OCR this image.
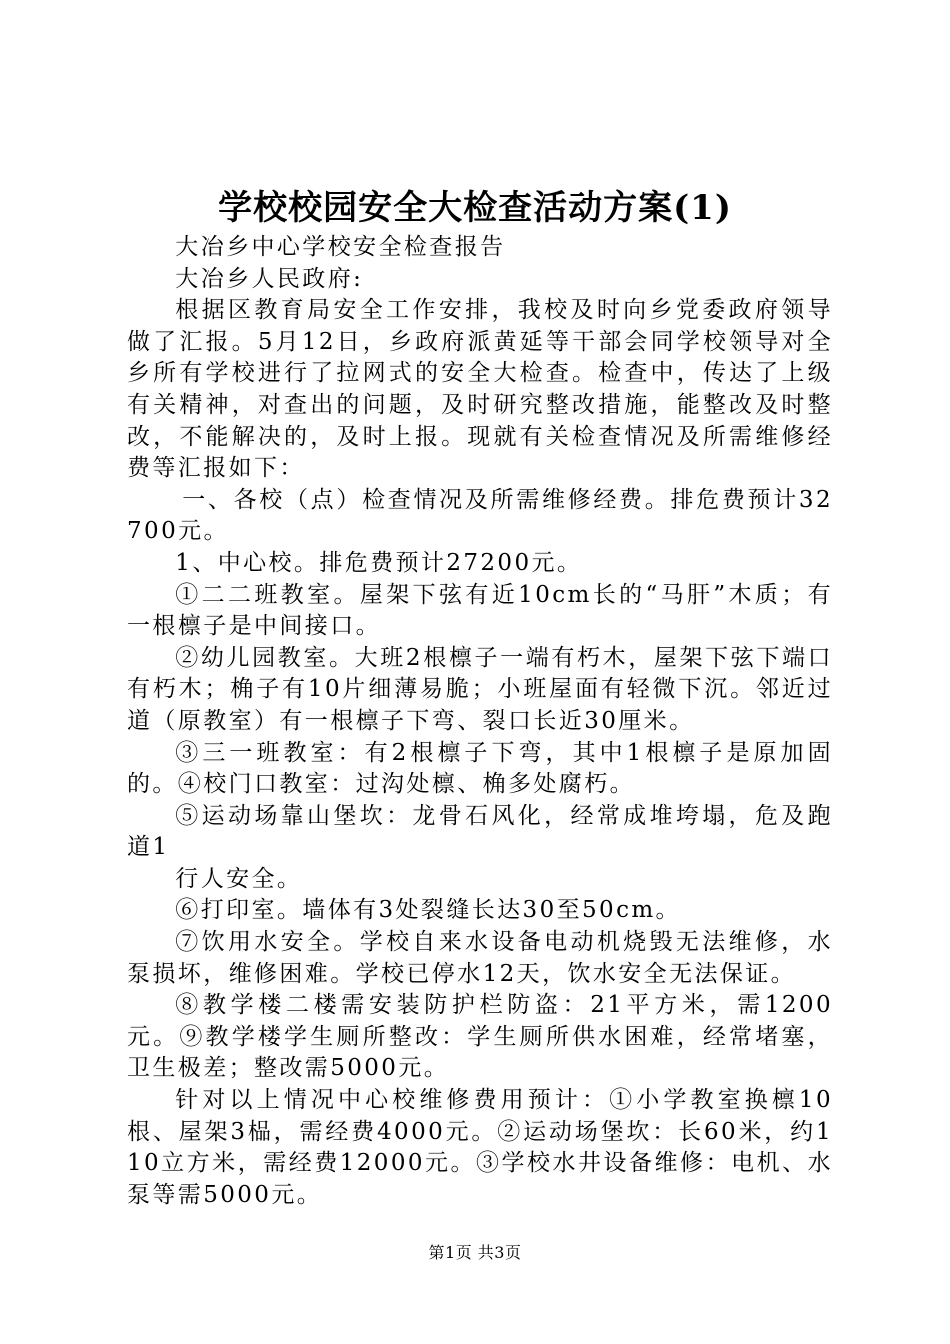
学校校园安全大检查活动方案(1)

大冶乡中心学校安全检查报告

大冶乡人民政府:

根据区教育局安全工作安排，我校及时向乡党委政府领导做了汇报。5月12日，乡政府派黄延等干部会同学校领导对全乡所有学校进行了拉网式的安全大检查。检查中，传达了上级有关精神，对查出的问题，及时研究整改措施，能整改及时整改，不能解决的，及时上报。现就有关检查情况及所需维修经费等汇报如下：

一、各校（点）检查情况及所需维修经费。排危费预计32700元。

1、中心校。排危费预计27200元。

①二二班教室。屋架下弦有近10cm长的“马肝”木质；有一根檩子是中间接口。

②幼儿园教室。大班2根檩子一端有朽木，屋架下弦下端口有朽木；桷子有10片细薄易脆；小班屋面有轻微下沉。邻近过道（原教室）有一根檩子下弯、裂口长近30厘米。

③三一班教室：有2根檩子下弯，其中1根檩子是原加固的。④校门口教室：过沟处檩、桷多处腐朽。

⑤运动场靠山堡坎：龙骨石风化，经常成堆垮塌，危及跑道1

行人安全。

⑥打印室。墙体有3处裂缝长达30至50cm。

⑦饮用水安全。学校自来水设备电动机烧毁无法维修，水泵损坏，维修困难。学校已停水12天，饮水安全无法保证。

⑧教学楼二楼需安装防护栏防盗：21平方米，需1200元。⑨教学楼学生厕所整改：学生厕所供水困难，经常堵塞，卫生极差；整改需5000元。

针对以上情况中心校维修费用预计：①小学教室换檩10根、屋架3榀，需经费4000元。②运动场堡坎：长60米，约110立方米，需经费12000元。③学校水井设备维修：电机、水泵等需5000元。

第1页 共3页
